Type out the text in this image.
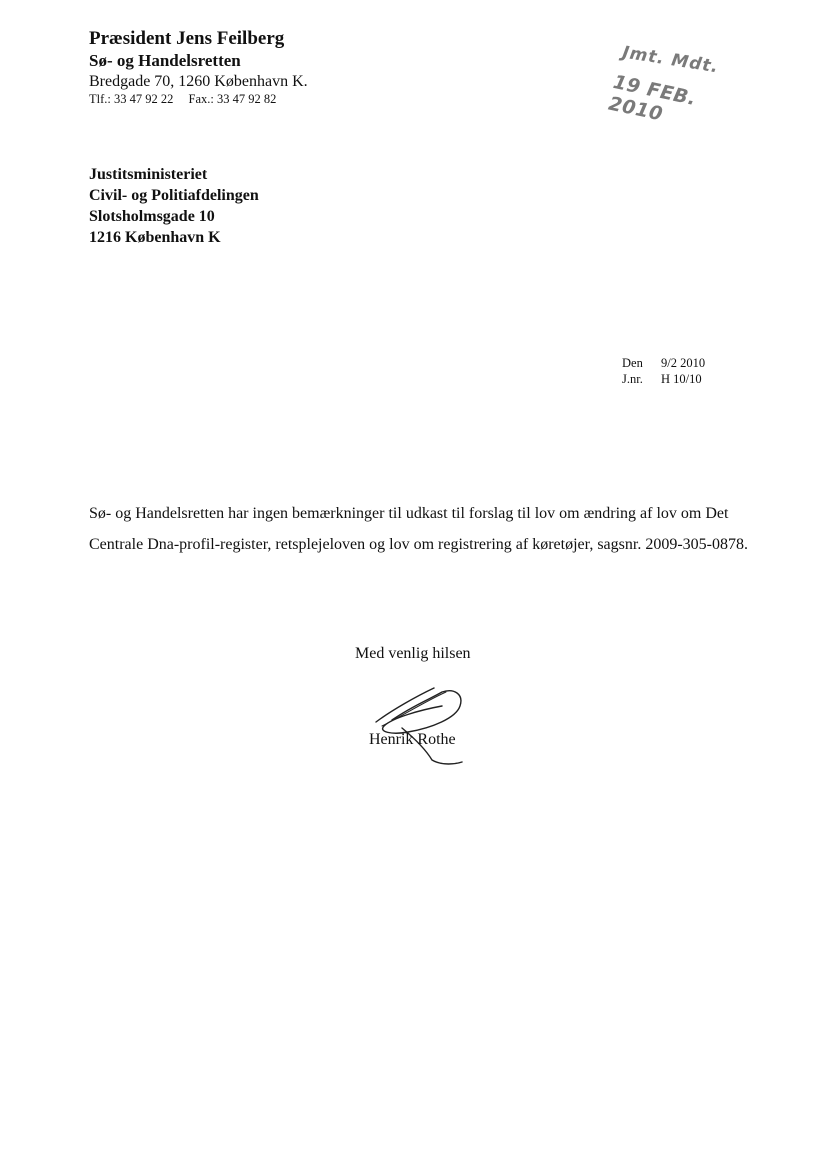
Præsident Jens Feilberg
Sø- og Handelsretten
Bredgade 70, 1260 København K.
Tlf.: 33 47 92 22 Fax.: 33 47 92 82
Jmt. Mdt.
19 FEB. 2010
Justitsministeriet
Civil- og Politiafdelingen
Slotsholmsgade 10
1216 København K
Den	9/2 2010
J.nr.	H 10/10
Sø- og Handelsretten har ingen bemærkninger til udkast til forslag til lov om ændring af lov om Det Centrale Dna-profil-register, retsplejeloven og lov om registrering af køretøjer, sagsnr. 2009-305-0878.
Med venlig hilsen
Henrik Rothe
